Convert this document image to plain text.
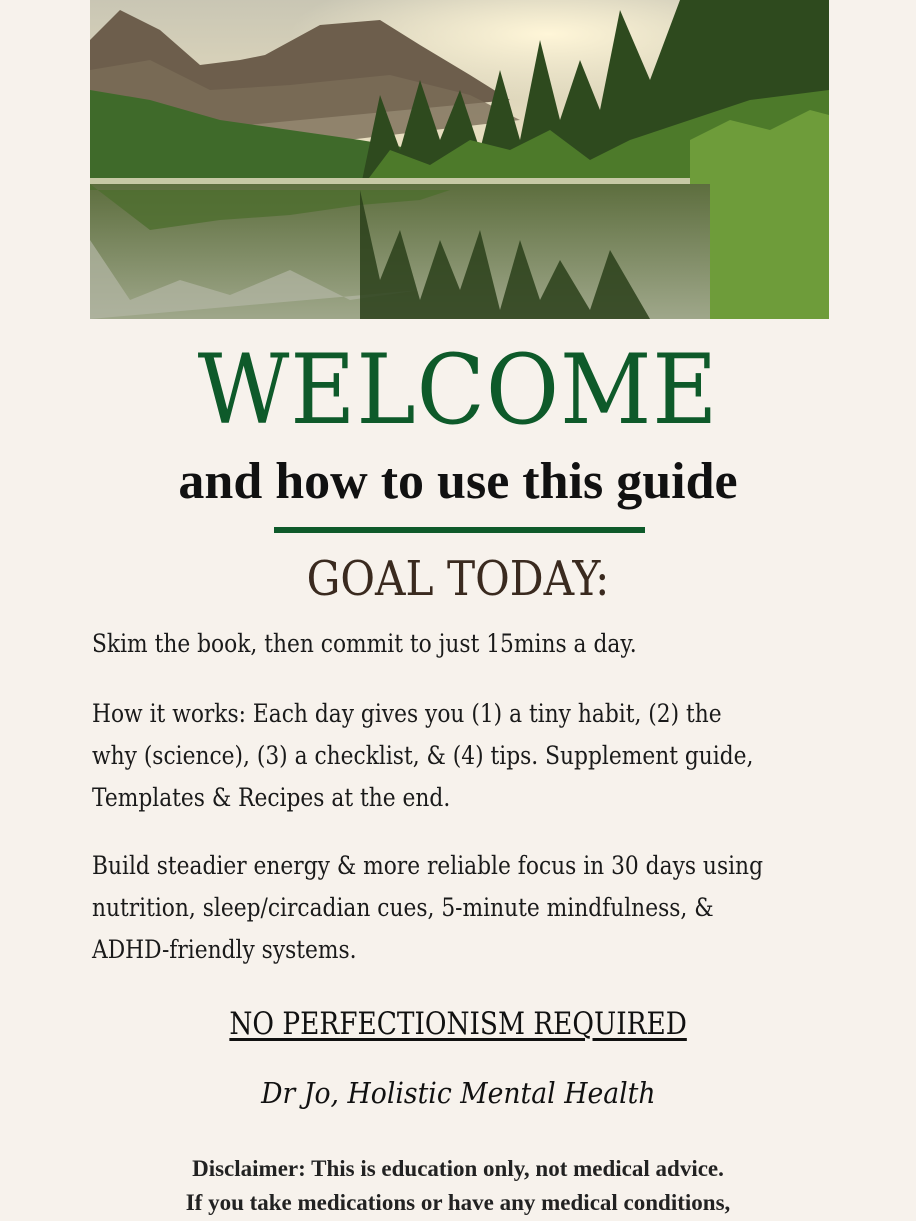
WELCOME
and how to use this guide
GOAL TODAY:
Skim the book, then commit to just 15mins a day.
How it works: Each day gives you (1) a tiny habit, (2) the
why (science), (3) a checklist, & (4) tips. Supplement guide,
Templates & Recipes at the end.
Build steadier energy & more reliable focus in 30 days using
nutrition, sleep/circadian cues, 5-minute mindfulness, &
ADHD-friendly systems.
NO PERFECTIONISM REQUIRED
Dr Jo, Holistic Mental Health
Disclaimer: This is education only, not medical advice.
If you take medications or have any medical conditions,
